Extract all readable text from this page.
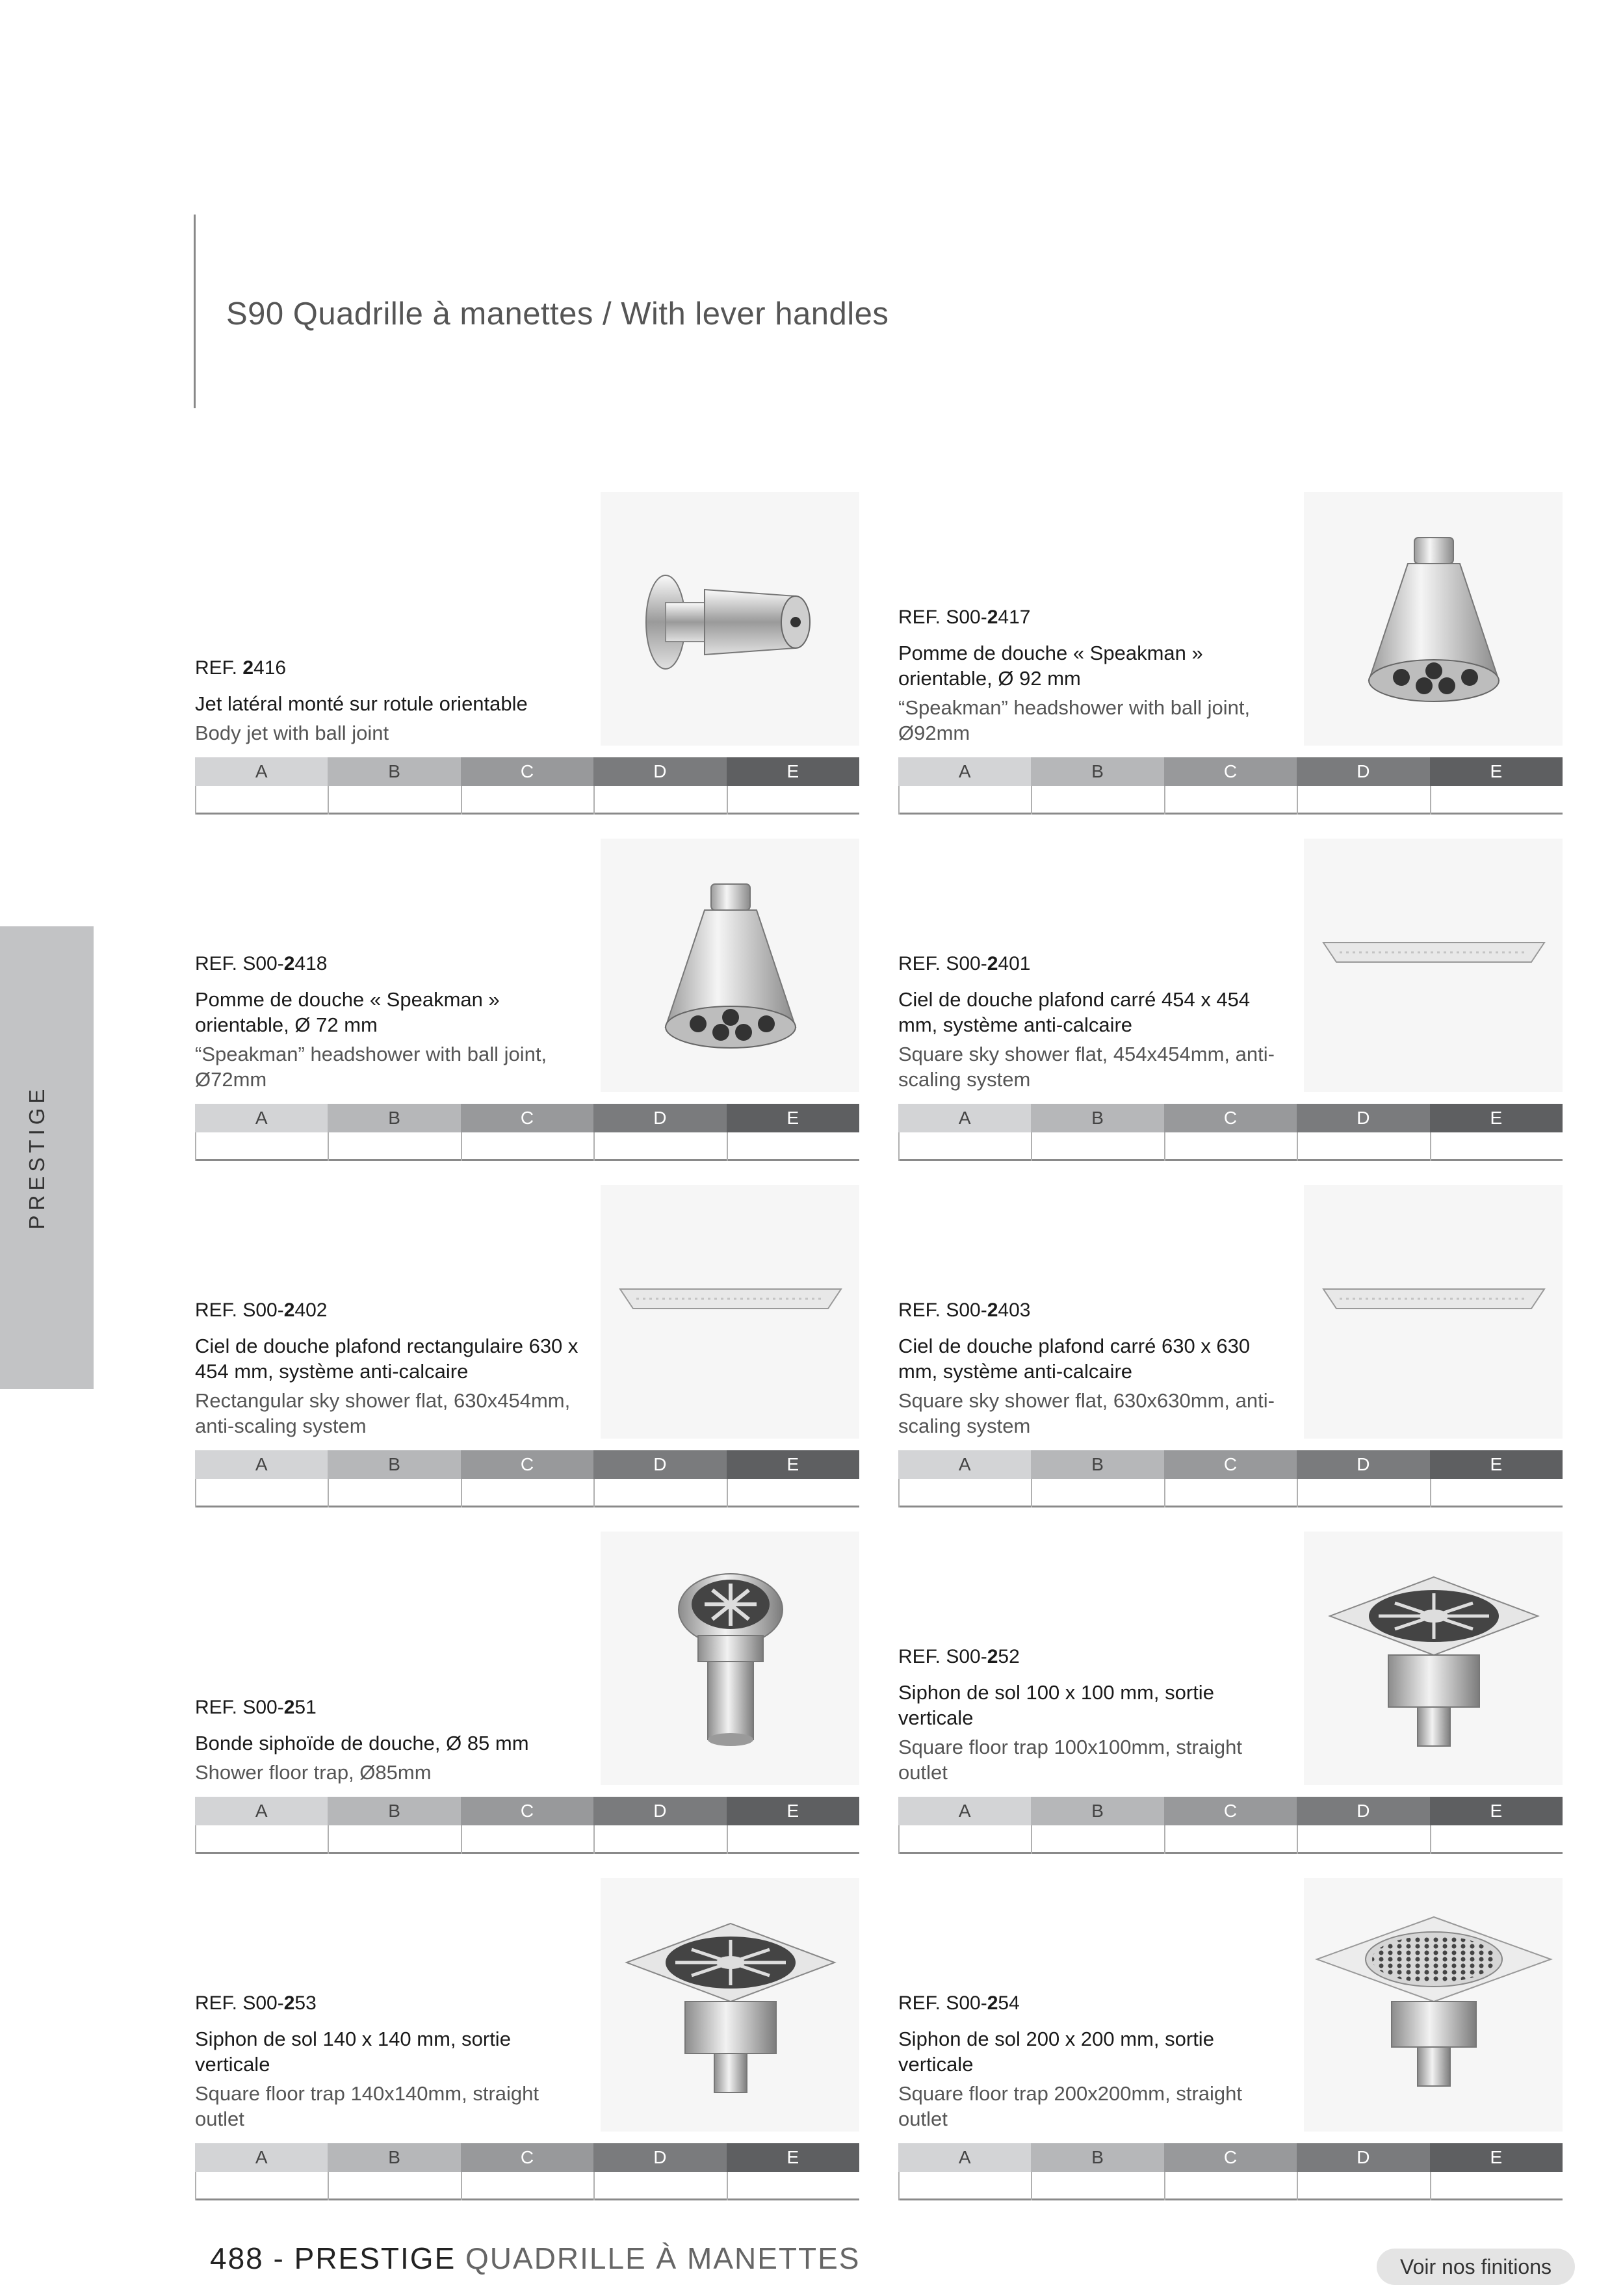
S90 Quadrille à manettes / With lever handles
PRESTIGE
REF. 2416
Jet latéral monté sur rotule orientable
Body jet with ball joint
A	B	C	D	E
REF. S00-2417
Pomme de douche « Speakman » orientable, Ø 92 mm
“Speakman” headshower with ball joint, Ø92mm
A	B	C	D	E
REF. S00-2418
Pomme de douche « Speakman » orientable, Ø 72 mm
“Speakman” headshower with ball joint, Ø72mm
A	B	C	D	E
REF. S00-2401
Ciel de douche plafond carré 454 x 454 mm, système anti-calcaire
Square sky shower flat, 454x454mm, anti-scaling system
A	B	C	D	E
REF. S00-2402
Ciel de douche plafond rectangulaire 630 x 454 mm, système anti-calcaire
Rectangular sky shower flat, 630x454mm, anti-scaling system
A	B	C	D	E
REF. S00-2403
Ciel de douche plafond carré 630 x 630 mm, système anti-calcaire
Square sky shower flat, 630x630mm, anti-scaling system
A	B	C	D	E
REF. S00-251
Bonde siphoïde de douche, Ø 85 mm
Shower floor trap, Ø85mm
A	B	C	D	E
REF. S00-252
Siphon de sol 100 x 100 mm, sortie verticale
Square floor trap 100x100mm, straight outlet
A	B	C	D	E
REF. S00-253
Siphon de sol 140 x 140 mm, sortie verticale
Square floor trap 140x140mm, straight outlet
A	B	C	D	E
REF. S00-254
Siphon de sol 200 x 200 mm, sortie verticale
Square floor trap 200x200mm, straight outlet
A	B	C	D	E
488 - PRESTIGE QUADRILLE À MANETTES	Voir nos finitions
